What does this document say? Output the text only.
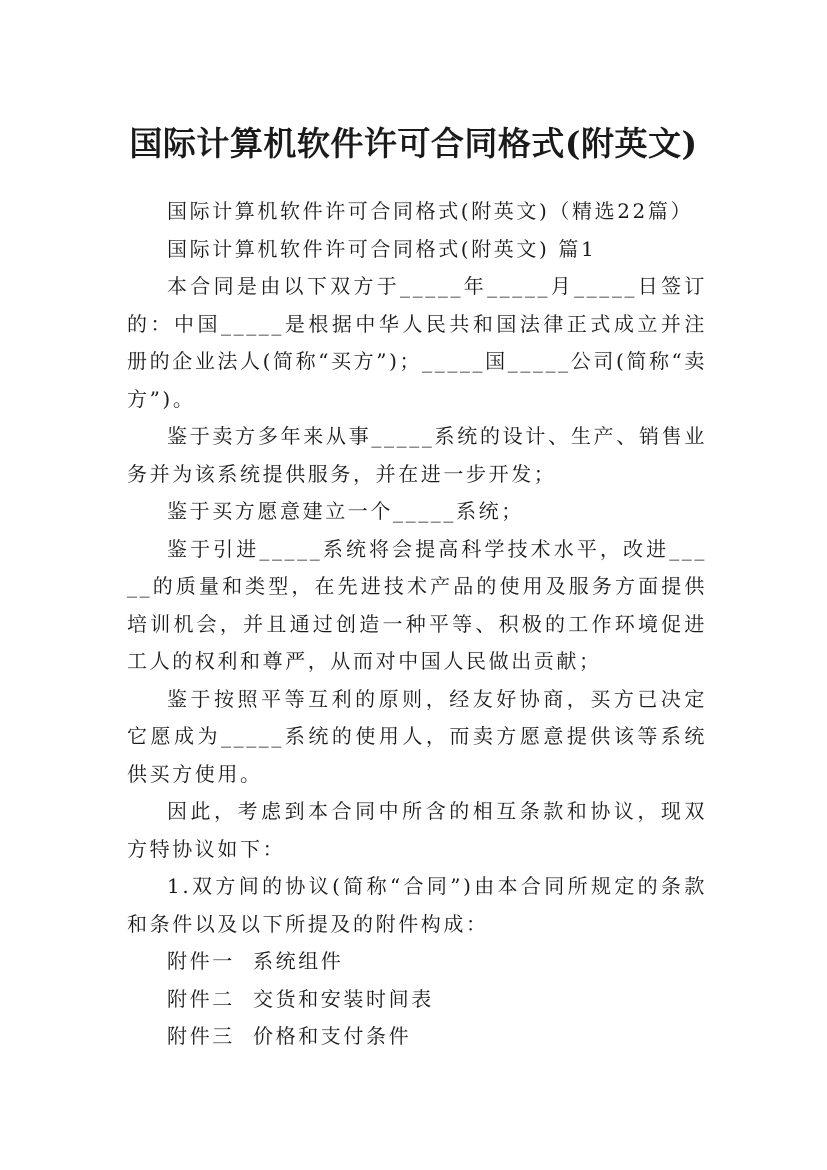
国际计算机软件许可合同格式(附英文)

国际计算机软件许可合同格式(附英文)（精选22篇）

国际计算机软件许可合同格式(附英文) 篇1

本合同是由以下双方于_____年_____月_____日签订的：中国_____是根据中华人民共和国法律正式成立并注册的企业法人(简称“买方”)；_____国_____公司(简称“卖方”)。

鉴于卖方多年来从事_____系统的设计、生产、销售业务并为该系统提供服务，并在进一步开发；

鉴于买方愿意建立一个_____系统；

鉴于引进_____系统将会提高科学技术水平，改进_____的质量和类型，在先进技术产品的使用及服务方面提供培训机会，并且通过创造一种平等、积极的工作环境促进工人的权利和尊严，从而对中国人民做出贡献；

鉴于按照平等互利的原则，经友好协商，买方已决定它愿成为_____系统的使用人，而卖方愿意提供该等系统供买方使用。

因此，考虑到本合同中所含的相互条款和协议，现双方特协议如下：

1.双方间的协议(简称“合同”)由本合同所规定的条款和条件以及以下所提及的附件构成：

附件一 系统组件

附件二 交货和安装时间表

附件三 价格和支付条件
